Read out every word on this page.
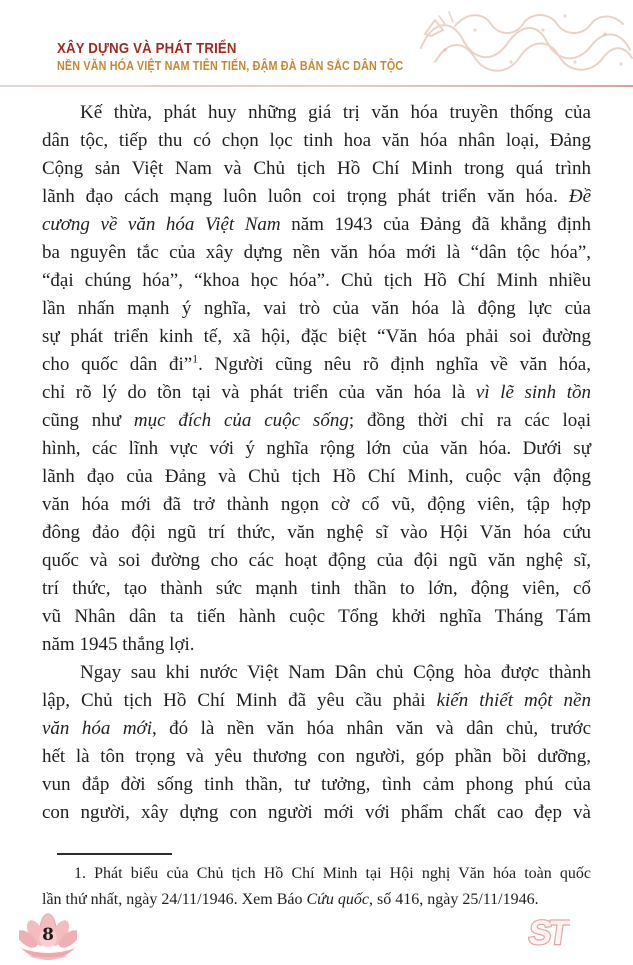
XÂY DỰNG VÀ PHÁT TRIỂN
NỀN VĂN HÓA VIỆT NAM TIÊN TIẾN, ĐẬM ĐÀ BẢN SẮC DÂN TỘC
Kế thừa, phát huy những giá trị văn hóa truyền thống của
dân tộc, tiếp thu có chọn lọc tinh hoa văn hóa nhân loại, Đảng
Cộng sản Việt Nam và Chủ tịch Hồ Chí Minh trong quá trình
lãnh đạo cách mạng luôn luôn coi trọng phát triển văn hóa. Đề
cương về văn hóa Việt Nam năm 1943 của Đảng đã khẳng định
ba nguyên tắc của xây dựng nền văn hóa mới là “dân tộc hóa”,
“đại chúng hóa”, “khoa học hóa”. Chủ tịch Hồ Chí Minh nhiều
lần nhấn mạnh ý nghĩa, vai trò của văn hóa là động lực của
sự phát triển kinh tế, xã hội, đặc biệt “Văn hóa phải soi đường
cho quốc dân đi”$^1$. Người cũng nêu rõ định nghĩa về văn hóa,
chỉ rõ lý do tồn tại và phát triển của văn hóa là vì lẽ sinh tồn
cũng như mục đích của cuộc sống; đồng thời chỉ ra các loại
hình, các lĩnh vực với ý nghĩa rộng lớn của văn hóa. Dưới sự
lãnh đạo của Đảng và Chủ tịch Hồ Chí Minh, cuộc vận động
văn hóa mới đã trở thành ngọn cờ cổ vũ, động viên, tập hợp
đông đảo đội ngũ trí thức, văn nghệ sĩ vào Hội Văn hóa cứu
quốc và soi đường cho các hoạt động của đội ngũ văn nghệ sĩ,
trí thức, tạo thành sức mạnh tinh thần to lớn, động viên, cổ
vũ Nhân dân ta tiến hành cuộc Tổng khởi nghĩa Tháng Tám
năm 1945 thắng lợi.
Ngay sau khi nước Việt Nam Dân chủ Cộng hòa được thành
lập, Chủ tịch Hồ Chí Minh đã yêu cầu phải kiến thiết một nền
văn hóa mới, đó là nền văn hóa nhân văn và dân chủ, trước
hết là tôn trọng và yêu thương con người, góp phần bồi dưỡng,
vun đắp đời sống tinh thần, tư tưởng, tình cảm phong phú của
con người, xây dựng con người mới với phẩm chất cao đẹp và
1. Phát biểu của Chủ tịch Hồ Chí Minh tại Hội nghị Văn hóa toàn quốc
lần thứ nhất, ngày 24/11/1946. Xem Báo Cứu quốc, số 416, ngày 25/11/1946.
8	ST
